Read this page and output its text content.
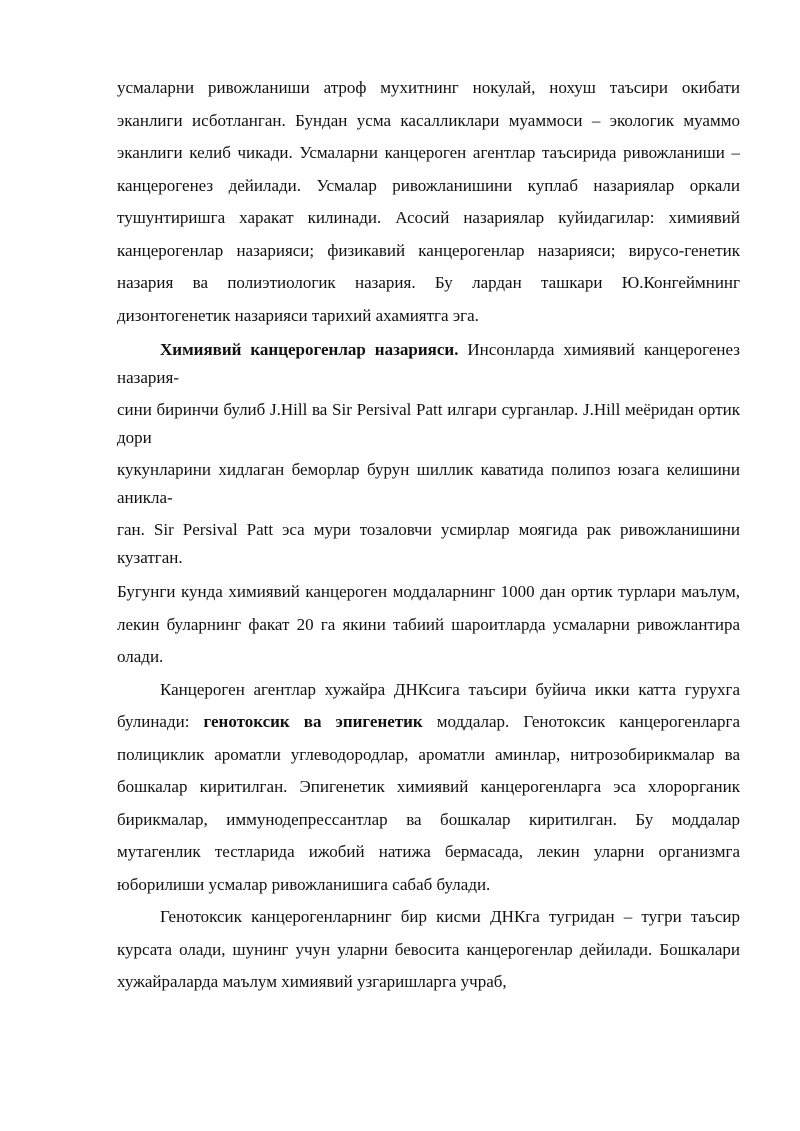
усмаларни ривожланиши атроф мухитнинг нокулай, нохуш таъсири окибати эканлиги исботланган. Бундан усма касалликлари муаммоси – экологик муаммо эканлиги келиб чикади. Усмаларни канцероген агентлар таъсирида ривожланиши – канцерогенез дейилади. Усмалар ривожланишини куплаб назариялар оркали тушунтиришга харакат килинади. Асосий назариялар куйидагилар: химиявий канцерогенлар назарияси; физикавий канцерогенлар назарияси; вирусо-генетик назария ва полиэтиологик назария. Бу лардан ташкари Ю.Конгеймнинг дизонтогенетик назарияси тарихий ахамиятга эга.

Химиявий канцерогенлар назарияси. Инсонларда химиявий канцерогенез назария-

сини биринчи булиб J.Hill ва Sir Persival Patt илгари сурганлар. J.Hill меёридан ортик дори

кукунларини хидлаган беморлар бурун шиллик каватида полипоз юзага келишини аникла-

ган. Sir Persival Patt эса мури тозаловчи усмирлар моягида рак ривожланишини кузатган.

Бугунги кунда химиявий канцероген моддаларнинг 1000 дан ортик турлари маълум, лекин буларнинг факат 20 га якини табиий шароитларда усмаларни ривожлантира олади.

Канцероген агентлар хужайра ДНКсига таъсири буйича икки катта гурухга булинади: генотоксик ва эпигенетик моддалар. Генотоксик канцерогенларга полициклик ароматли углеводородлар, ароматли аминлар, нитрозобирикмалар ва бошкалар киритилган. Эпигенетик химиявий канцерогенларга эса хлорорганик бирикмалар, иммунодепрессантлар ва бошкалар киритилган. Бу моддалар мутагенлик тестларида ижобий натижа бермасада, лекин уларни организмга юборилиши усмалар ривожланишига сабаб булади.

Генотоксик канцерогенларнинг бир кисми ДНКга тугридан – тугри таъсир курсата олади, шунинг учун уларни бевосита канцерогенлар дейилади. Бошкалари хужайраларда маълум химиявий узгаришларга учраб,
